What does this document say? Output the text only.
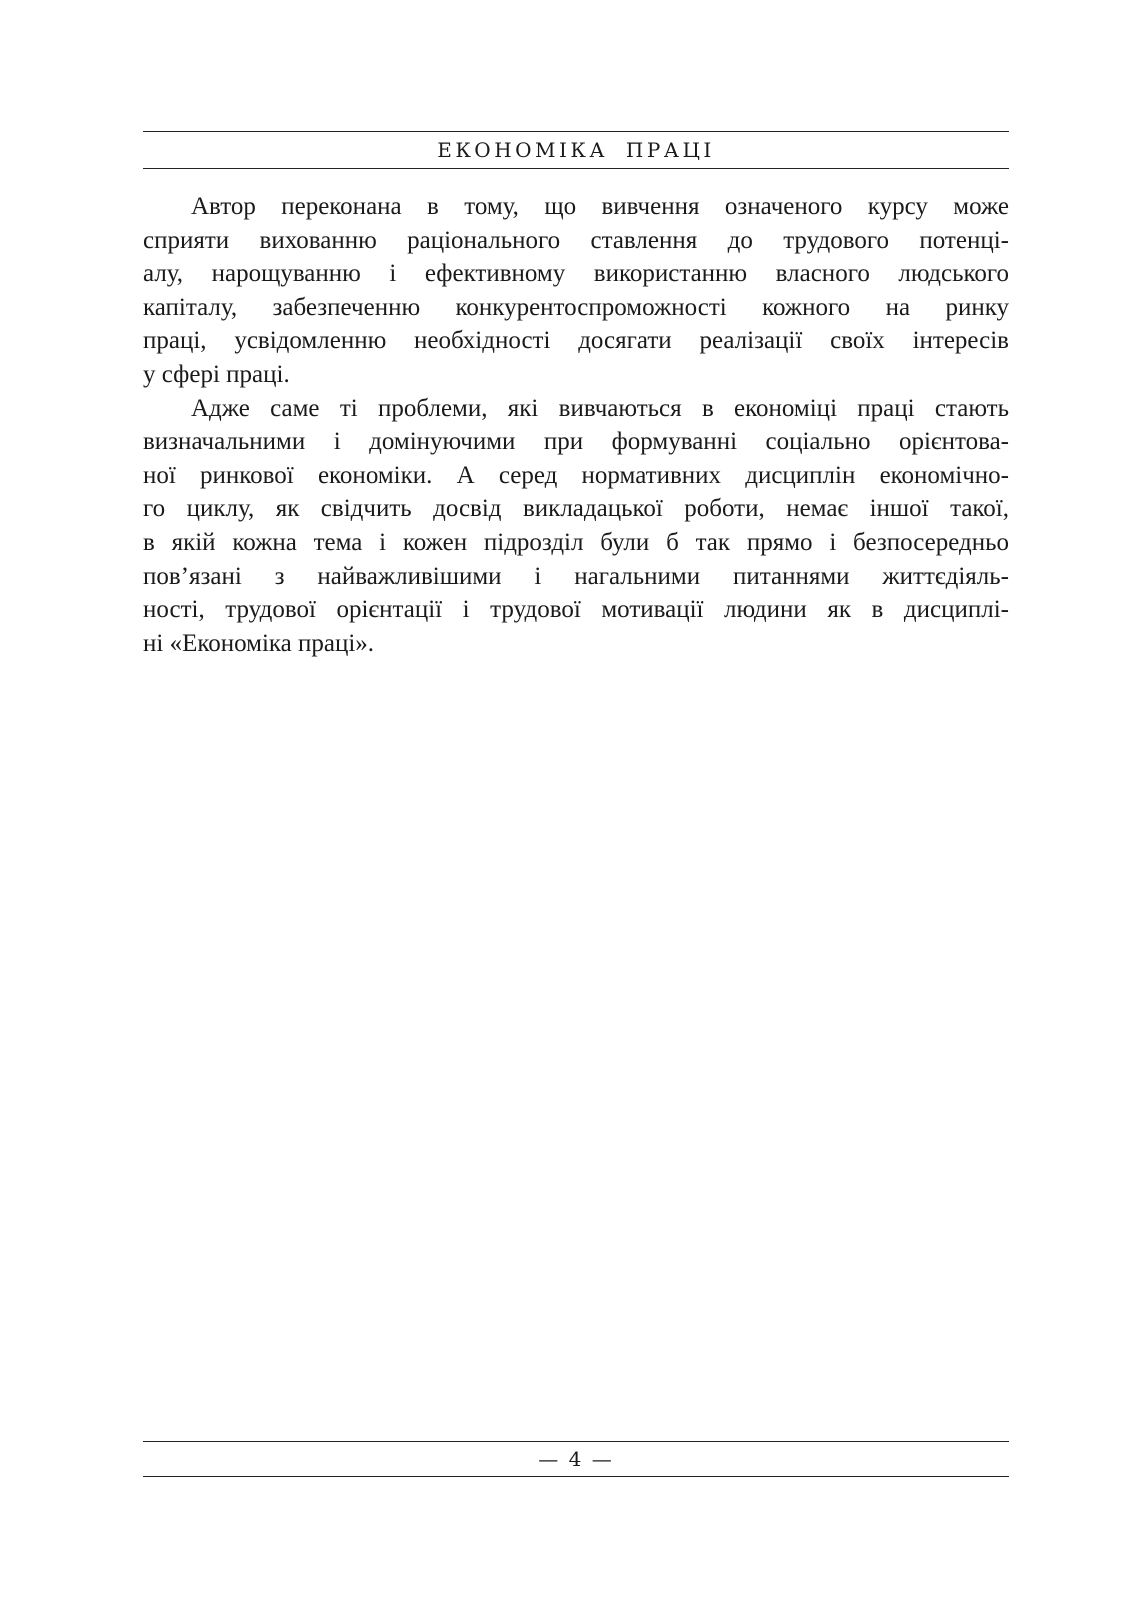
ЕКОНОМІКА ПРАЦІ

Автор переконана в тому, що вивчення означеного курсу може
сприяти вихованню раціонального ставлення до трудового потенці-
алу, нарощуванню і ефективному використанню власного людського
капіталу, забезпеченню конкурентоспроможності кожного на ринку
праці, усвідомленню необхідності досягати реалізації своїх інтересів
у сфері праці.

Адже саме ті проблеми, які вивчаються в економіці праці стають
визначальними і домінуючими при формуванні соціально орієнтова-
ної ринкової економіки. А серед нормативних дисциплін економічно-
го циклу, як свідчить досвід викладацької роботи, немає іншої такої,
в якій кожна тема і кожен підрозділ були б так прямо і безпосередньо
пов’язані з найважливішими і нагальними питаннями життєдіяль-
ності, трудової орієнтації і трудової мотивації людини як в дисциплі-
ні «Економіка праці».

— 4 —
